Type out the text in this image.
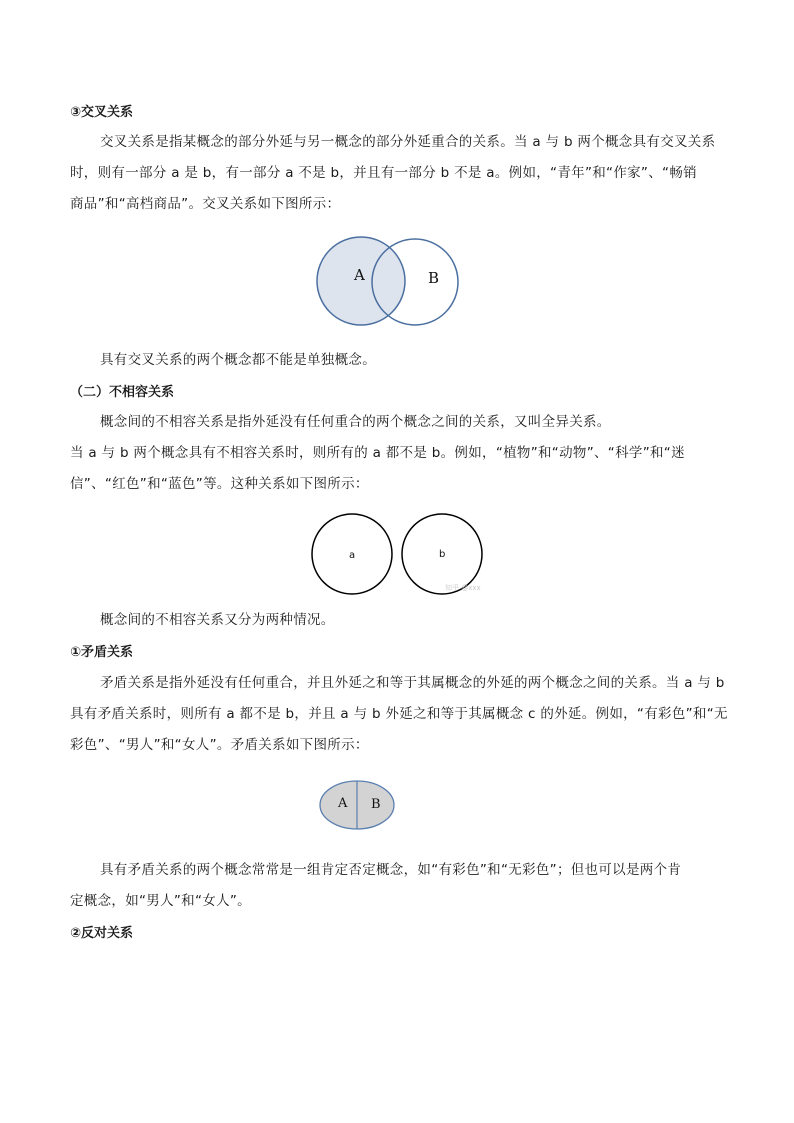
③交叉关系
交叉关系是指某概念的部分外延与另一概念的部分外延重合的关系。当 a 与 b 两个概念具有交叉关系
时，则有一部分 a 是 b，有一部分 a 不是 b，并且有一部分 b 不是 a。例如，“青年”和“作家”、“畅销
商品”和“高档商品”。交叉关系如下图所示：
A	B
具有交叉关系的两个概念都不能是单独概念。
（二）不相容关系
概念间的不相容关系是指外延没有任何重合的两个概念之间的关系，又叫全异关系。
当 a 与 b 两个概念具有不相容关系时，则所有的 a 都不是 b。例如，“植物”和“动物”、“科学”和“迷
信”、“红色”和“蓝色”等。这种关系如下图所示：
a	b
知乎 @xxx
概念间的不相容关系又分为两种情况。
①矛盾关系
矛盾关系是指外延没有任何重合，并且外延之和等于其属概念的外延的两个概念之间的关系。当 a 与 b
具有矛盾关系时，则所有 a 都不是 b，并且 a 与 b 外延之和等于其属概念 c 的外延。例如，“有彩色”和“无
彩色”、“男人”和“女人”。矛盾关系如下图所示：
A B
具有矛盾关系的两个概念常常是一组肯定否定概念，如“有彩色”和“无彩色”；但也可以是两个肯
定概念，如“男人”和“女人”。
②反对关系
